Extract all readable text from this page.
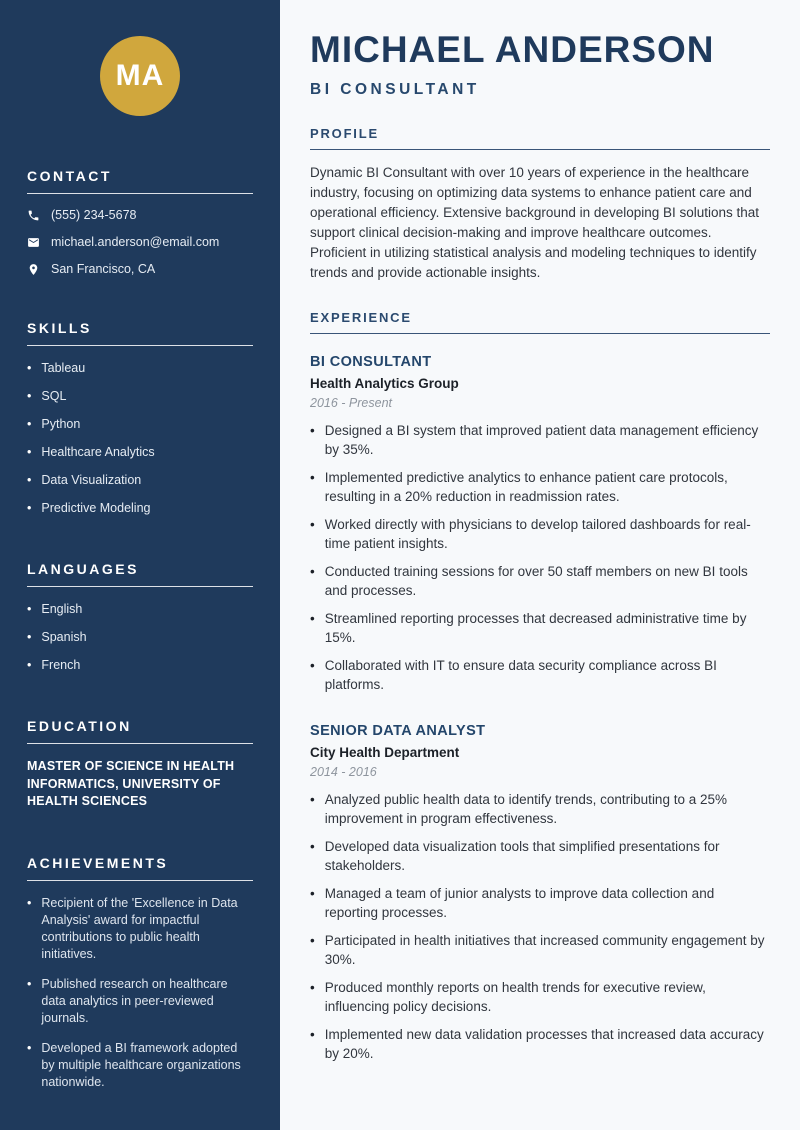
MA
CONTACT
(555) 234-5678
michael.anderson@email.com
San Francisco, CA
SKILLS
• Tableau
• SQL
• Python
• Healthcare Analytics
• Data Visualization
• Predictive Modeling
LANGUAGES
• English
• Spanish
• French
EDUCATION
MASTER OF SCIENCE IN HEALTH INFORMATICS, UNIVERSITY OF HEALTH SCIENCES
ACHIEVEMENTS
• Recipient of the 'Excellence in Data Analysis' award for impactful contributions to public health initiatives.
• Published research on healthcare data analytics in peer-reviewed journals.
• Developed a BI framework adopted by multiple healthcare organizations nationwide.
MICHAEL ANDERSON
BI CONSULTANT
PROFILE

Dynamic BI Consultant with over 10 years of experience in the healthcare industry, focusing on optimizing data systems to enhance patient care and operational efficiency. Extensive background in developing BI solutions that support clinical decision-making and improve healthcare outcomes. Proficient in utilizing statistical analysis and modeling techniques to identify trends and provide actionable insights.

EXPERIENCE
BI CONSULTANT
Health Analytics Group
2016 - Present
• Designed a BI system that improved patient data management efficiency by 35%.
• Implemented predictive analytics to enhance patient care protocols, resulting in a 20% reduction in readmission rates.
• Worked directly with physicians to develop tailored dashboards for real-time patient insights.
• Conducted training sessions for over 50 staff members on new BI tools and processes.
• Streamlined reporting processes that decreased administrative time by 15%.
• Collaborated with IT to ensure data security compliance across BI platforms.
SENIOR DATA ANALYST
City Health Department
2014 - 2016
• Analyzed public health data to identify trends, contributing to a 25% improvement in program effectiveness.
• Developed data visualization tools that simplified presentations for stakeholders.
• Managed a team of junior analysts to improve data collection and reporting processes.
• Participated in health initiatives that increased community engagement by 30%.
• Produced monthly reports on health trends for executive review, influencing policy decisions.
• Implemented new data validation processes that increased data accuracy by 20%.
